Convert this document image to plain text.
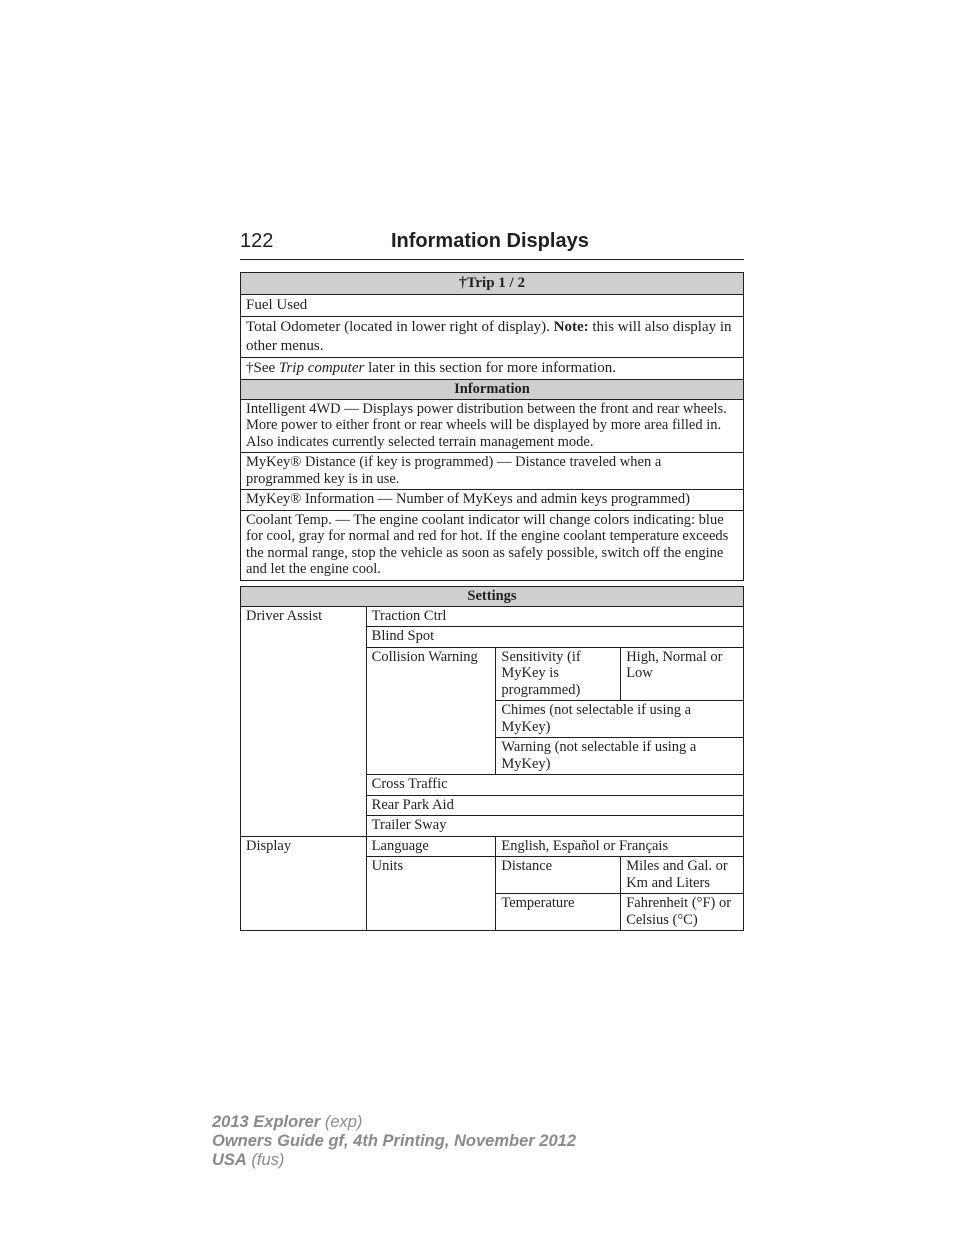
122	Information Displays
†Trip 1 / 2
Fuel Used
Total Odometer (located in lower right of display). Note: this will also display in other menus.
†See Trip computer later in this section for more information.
Information
Intelligent 4WD — Displays power distribution between the front and rear wheels. More power to either front or rear wheels will be displayed by more area filled in. Also indicates currently selected terrain management mode.
MyKey® Distance (if key is programmed) — Distance traveled when a programmed key is in use.
MyKey® Information — Number of MyKeys and admin keys programmed)
Coolant Temp. — The engine coolant indicator will change colors indicating: blue for cool, gray for normal and red for hot. If the engine coolant temperature exceeds the normal range, stop the vehicle as soon as safely possible, switch off the engine and let the engine cool.
Settings			
Driver Assist	Traction Ctrl		
	Blind Spot		
	Collision Warning	Sensitivity (if MyKey is programmed)	High, Normal or Low
		Chimes (not selectable if using a MyKey)	
		Warning (not selectable if using a MyKey)	
	Cross Traffic		
	Rear Park Aid		
	Trailer Sway		
Display	Language	English, Español or Français	
	Units	Distance	Miles and Gal. or Km and Liters
		Temperature	Fahrenheit (°F) or Celsius (°C)
2013 Explorer (exp)
Owners Guide gf, 4th Printing, November 2012
USA (fus)
